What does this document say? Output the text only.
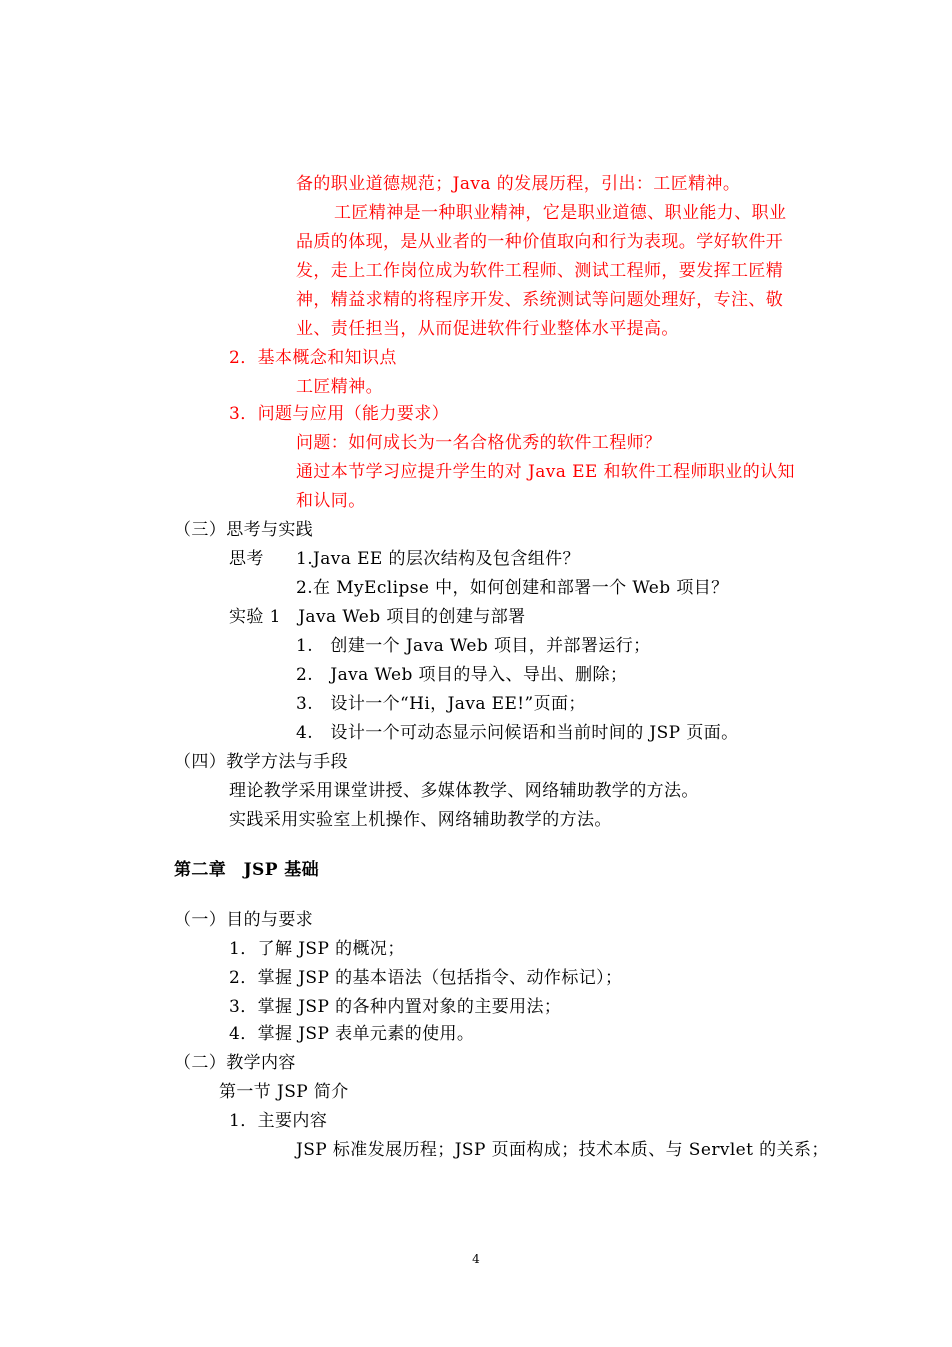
备的职业道德规范；Java 的发展历程，引出：工匠精神。
工匠精神是一种职业精神，它是职业道德、职业能力、职业
品质的体现，是从业者的一种价值取向和行为表现。学好软件开
发，走上工作岗位成为软件工程师、测试工程师，要发挥工匠精
神，精益求精的将程序开发、系统测试等问题处理好，专注、敬
业、责任担当，从而促进软件行业整体水平提高。
2．基本概念和知识点
工匠精神。
3．问题与应用（能力要求）
问题：如何成长为一名合格优秀的软件工程师？
通过本节学习应提升学生的对 Java EE 和软件工程师职业的认知
和认同。
（三）思考与实践
思考 1.Java EE 的层次结构及包含组件？
2.在 MyEclipse 中，如何创建和部署一个 Web 项目？
实验 1　Java Web 项目的创建与部署
1.　创建一个 Java Web 项目，并部署运行；
2.　Java Web 项目的导入、导出、删除；
3.　设计一个“Hi，Java EE!”页面；
4.　设计一个可动态显示问候语和当前时间的 JSP 页面。
（四）教学方法与手段
理论教学采用课堂讲授、多媒体教学、网络辅助教学的方法。
实践采用实验室上机操作、网络辅助教学的方法。
第二章　JSP 基础
（一）目的与要求
1．了解 JSP 的概况；
2．掌握 JSP 的基本语法（包括指令、动作标记）；
3．掌握 JSP 的各种内置对象的主要用法；
4．掌握 JSP 表单元素的使用。
（二）教学内容
第一节 JSP 简介
1．主要内容
JSP 标准发展历程；JSP 页面构成；技术本质、与 Servlet 的关系；
4
